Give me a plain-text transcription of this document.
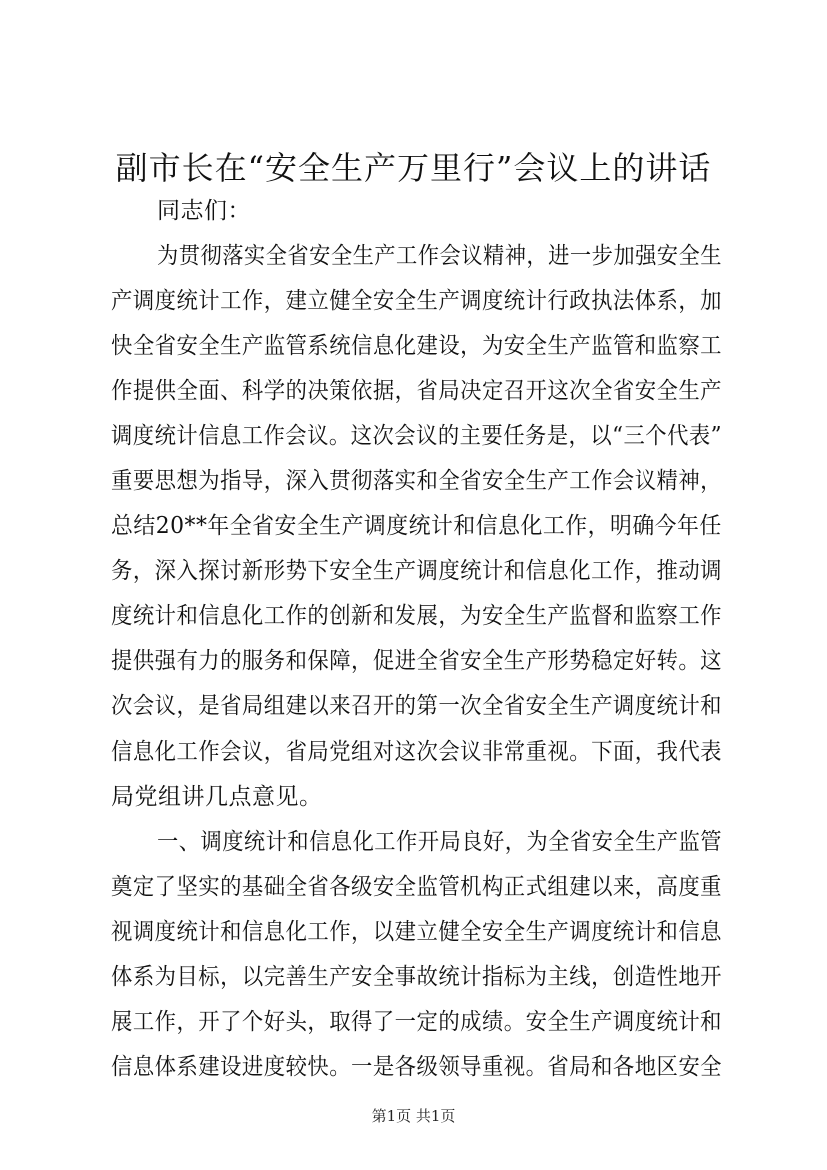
副市长在“安全生产万里行”会议上的讲话
同志们：
为贯彻落实全省安全生产工作会议精神，进一步加强安全生
产调度统计工作，建立健全安全生产调度统计行政执法体系，加
快全省安全生产监管系统信息化建设，为安全生产监管和监察工
作提供全面、科学的决策依据，省局决定召开这次全省安全生产
调度统计信息工作会议。这次会议的主要任务是，以“三个代表”
重要思想为指导，深入贯彻落实和全省安全生产工作会议精神，
总结20**年全省安全生产调度统计和信息化工作，明确今年任
务，深入探讨新形势下安全生产调度统计和信息化工作，推动调
度统计和信息化工作的创新和发展，为安全生产监督和监察工作
提供强有力的服务和保障，促进全省安全生产形势稳定好转。这
次会议，是省局组建以来召开的第一次全省安全生产调度统计和
信息化工作会议，省局党组对这次会议非常重视。下面，我代表
局党组讲几点意见。
一、调度统计和信息化工作开局良好，为全省安全生产监管
奠定了坚实的基础全省各级安全监管机构正式组建以来，高度重
视调度统计和信息化工作，以建立健全安全生产调度统计和信息
体系为目标，以完善生产安全事故统计指标为主线，创造性地开
展工作，开了个好头，取得了一定的成绩。安全生产调度统计和
信息体系建设进度较快。一是各级领导重视。省局和各地区安全
第1页 共1页
